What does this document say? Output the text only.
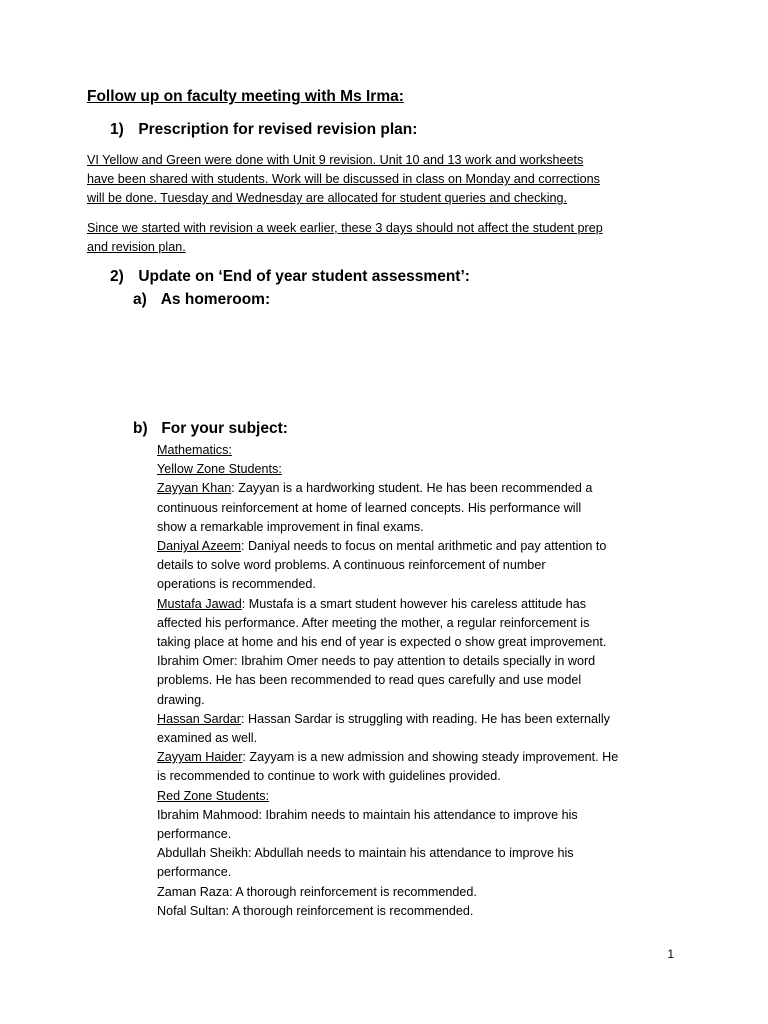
Follow up on faculty meeting with Ms Irma:
1) Prescription for revised revision plan:
VI Yellow and Green were done with Unit 9 revision. Unit 10 and 13 work and worksheets
have been shared with students. Work will be discussed in class on Monday and corrections
will be done. Tuesday and Wednesday are allocated for student queries and checking.
Since we started with revision a week earlier, these 3 days should not affect the student prep
and revision plan.
2) Update on ‘End of year student assessment’:
a) As homeroom:
b) For your subject:
Mathematics:
Yellow Zone Students:
Zayyan Khan: Zayyan is a hardworking student. He has been recommended a
continuous reinforcement at home of learned concepts. His performance will
show a remarkable improvement in final exams.
Daniyal Azeem: Daniyal needs to focus on mental arithmetic and pay attention to
details to solve word problems. A continuous reinforcement of number
operations is recommended.
Mustafa Jawad: Mustafa is a smart student however his careless attitude has
affected his performance. After meeting the mother, a regular reinforcement is
taking place at home and his end of year is expected o show great improvement.
Ibrahim Omer: Ibrahim Omer needs to pay attention to details specially in word
problems. He has been recommended to read ques carefully and use model
drawing.
Hassan Sardar: Hassan Sardar is struggling with reading. He has been externally
examined as well.
Zayyam Haider: Zayyam is a new admission and showing steady improvement. He
is recommended to continue to work with guidelines provided.
Red Zone Students:
Ibrahim Mahmood: Ibrahim needs to maintain his attendance to improve his
performance.
Abdullah Sheikh: Abdullah needs to maintain his attendance to improve his
performance.
Zaman Raza: A thorough reinforcement is recommended.
Nofal Sultan: A thorough reinforcement is recommended.
1
